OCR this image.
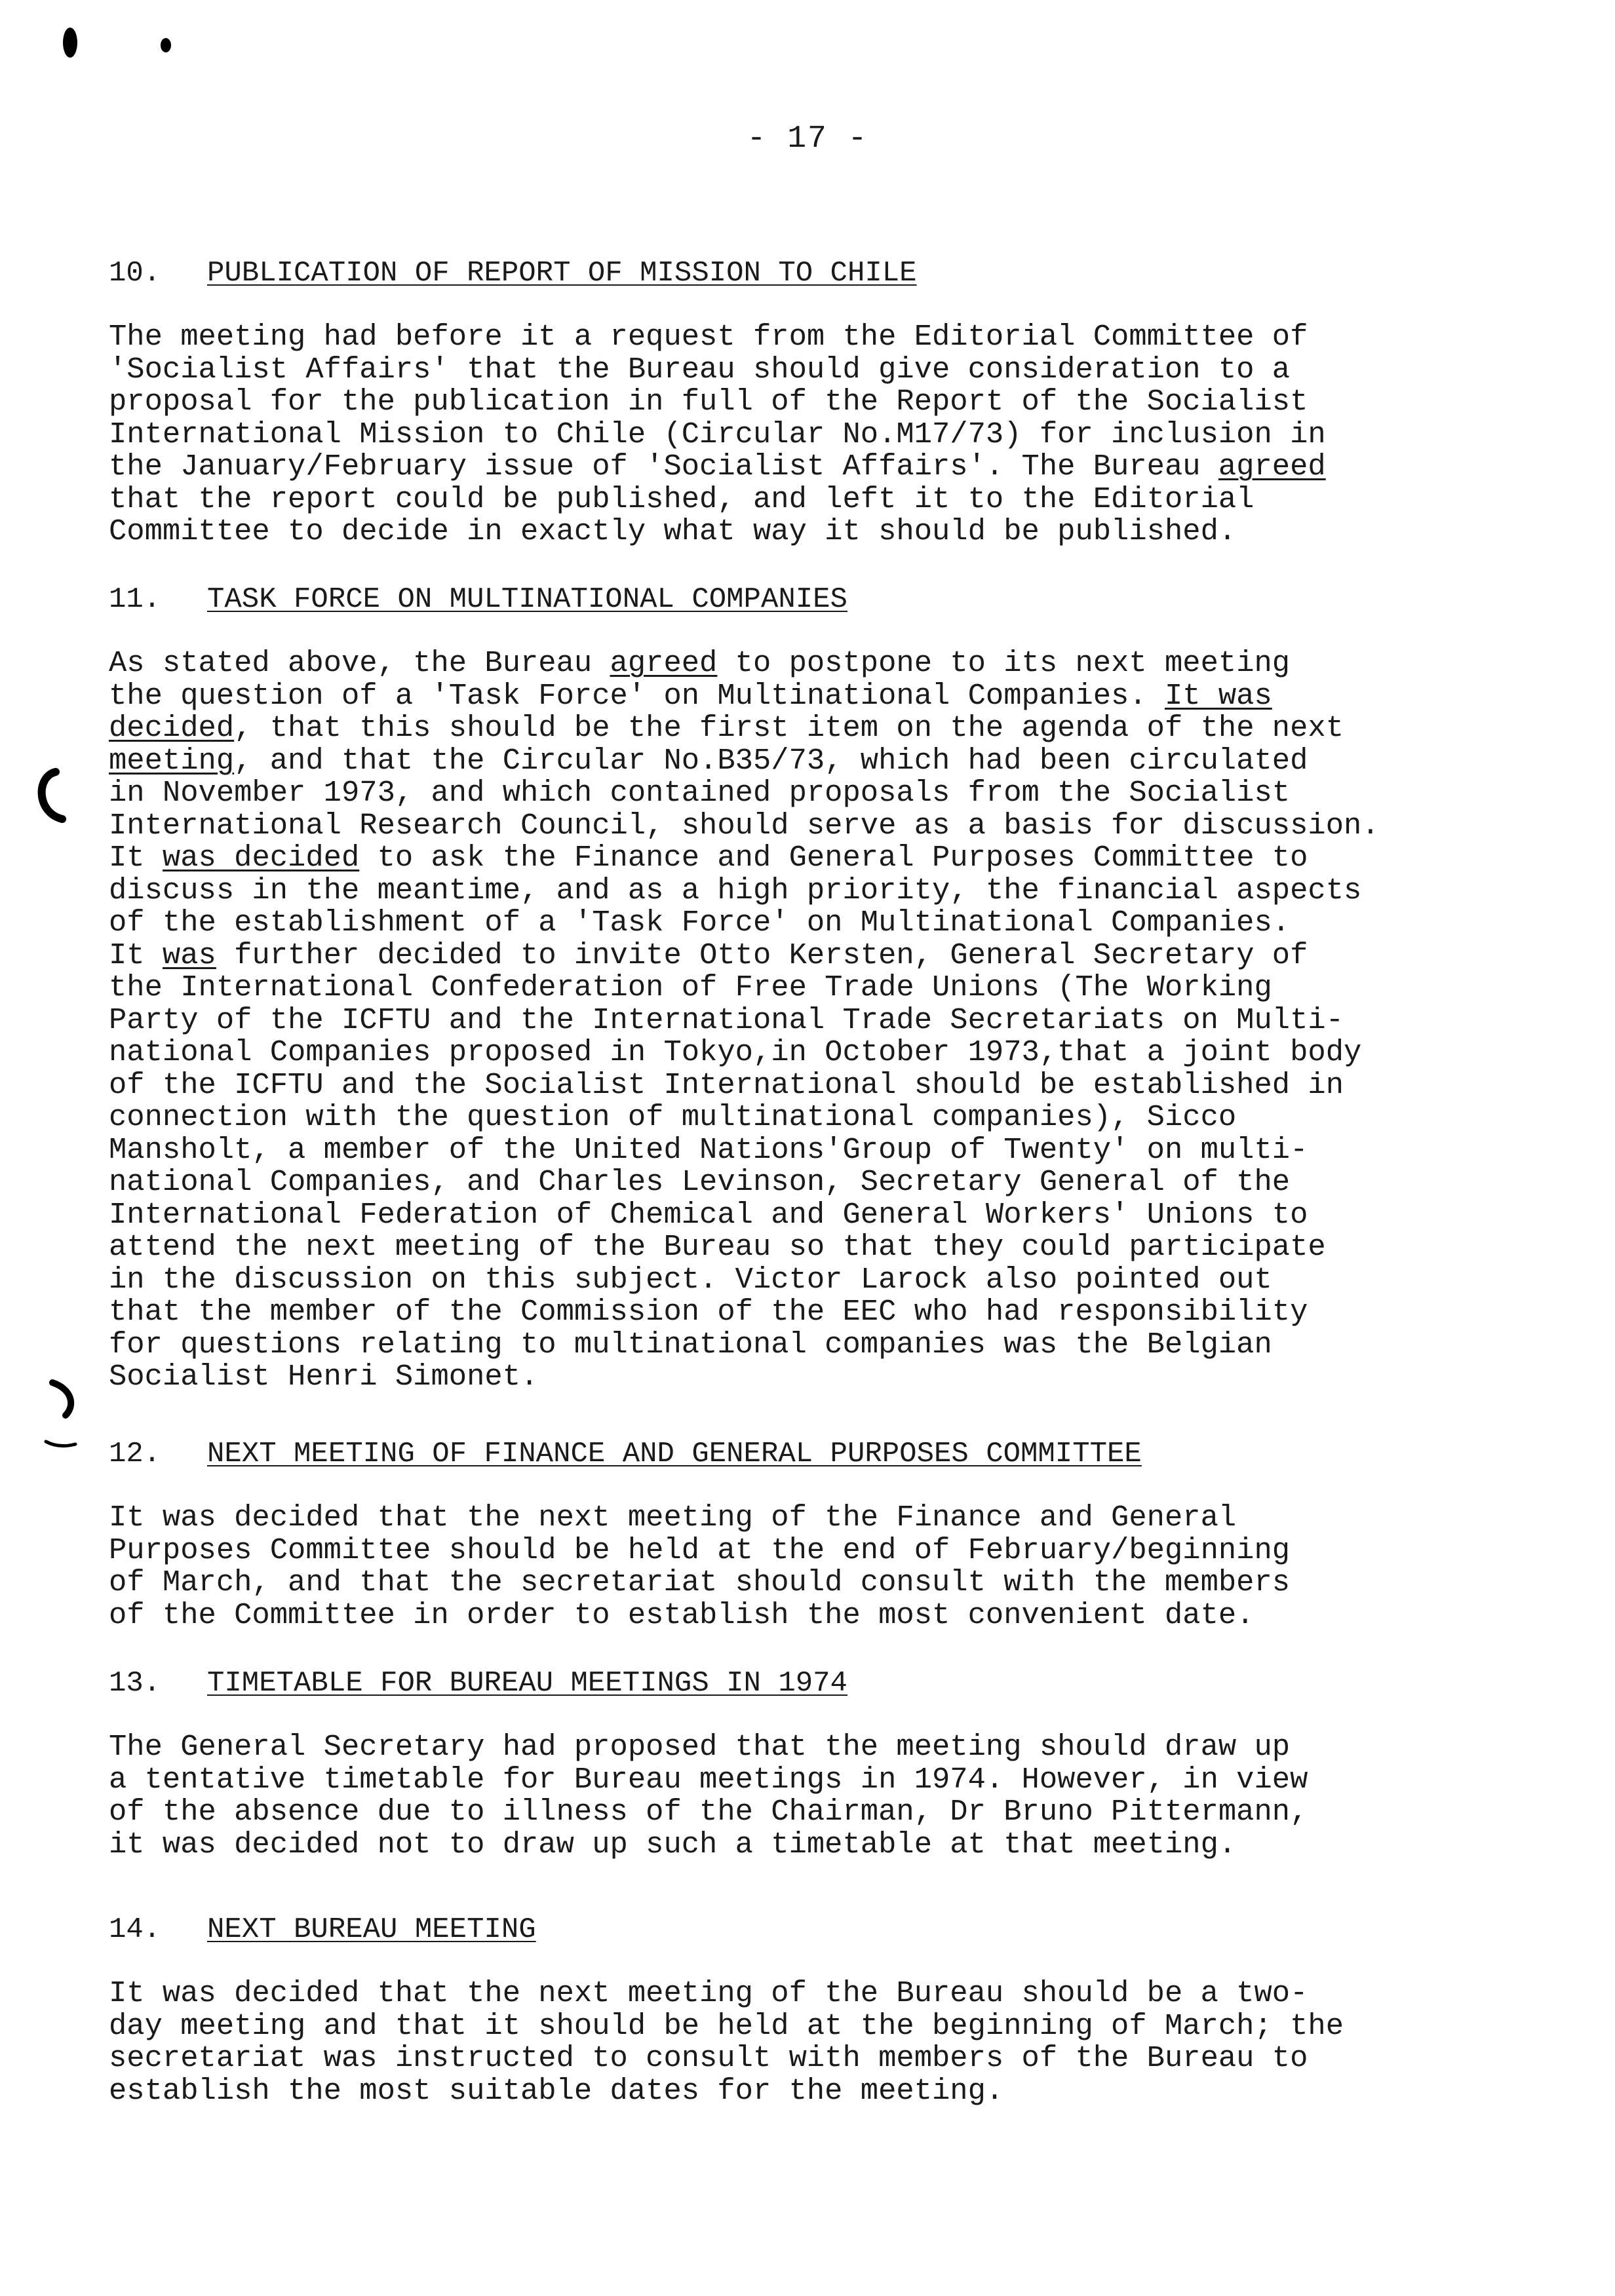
- 17 -
10. PUBLICATION OF REPORT OF MISSION TO CHILE
The meeting had before it a request from the Editorial Committee of
'Socialist Affairs' that the Bureau should give consideration to a
proposal for the publication in full of the Report of the Socialist
International Mission to Chile (Circular No.M17/73) for inclusion in
the January/February issue of 'Socialist Affairs'. The Bureau agreed
that the report could be published, and left it to the Editorial
Committee to decide in exactly what way it should be published.
11. TASK FORCE ON MULTINATIONAL COMPANIES
As stated above, the Bureau agreed to postpone to its next meeting
the question of a 'Task Force' on Multinational Companies. It was
decided, that this should be the first item on the agenda of the next
meeting, and that the Circular No.B35/73, which had been circulated
in November 1973, and which contained proposals from the Socialist
International Research Council, should serve as a basis for discussion.
It was decided to ask the Finance and General Purposes Committee to
discuss in the meantime, and as a high priority, the financial aspects
of the establishment of a 'Task Force' on Multinational Companies.
It was further decided to invite Otto Kersten, General Secretary of
the International Confederation of Free Trade Unions (The Working
Party of the ICFTU and the International Trade Secretariats on Multi-
national Companies proposed in Tokyo,in October 1973,that a joint body
of the ICFTU and the Socialist International should be established in
connection with the question of multinational companies), Sicco
Mansholt, a member of the United Nations'Group of Twenty' on multi-
national Companies, and Charles Levinson, Secretary General of the
International Federation of Chemical and General Workers' Unions to
attend the next meeting of the Bureau so that they could participate
in the discussion on this subject. Victor Larock also pointed out
that the member of the Commission of the EEC who had responsibility
for questions relating to multinational companies was the Belgian
Socialist Henri Simonet.
12. NEXT MEETING OF FINANCE AND GENERAL PURPOSES COMMITTEE
It was decided that the next meeting of the Finance and General
Purposes Committee should be held at the end of February/beginning
of March, and that the secretariat should consult with the members
of the Committee in order to establish the most convenient date.
13. TIMETABLE FOR BUREAU MEETINGS IN 1974
The General Secretary had proposed that the meeting should draw up
a tentative timetable for Bureau meetings in 1974. However, in view
of the absence due to illness of the Chairman, Dr Bruno Pittermann,
it was decided not to draw up such a timetable at that meeting.
14. NEXT BUREAU MEETING
It was decided that the next meeting of the Bureau should be a two-
day meeting and that it should be held at the beginning of March; the
secretariat was instructed to consult with members of the Bureau to
establish the most suitable dates for the meeting.
